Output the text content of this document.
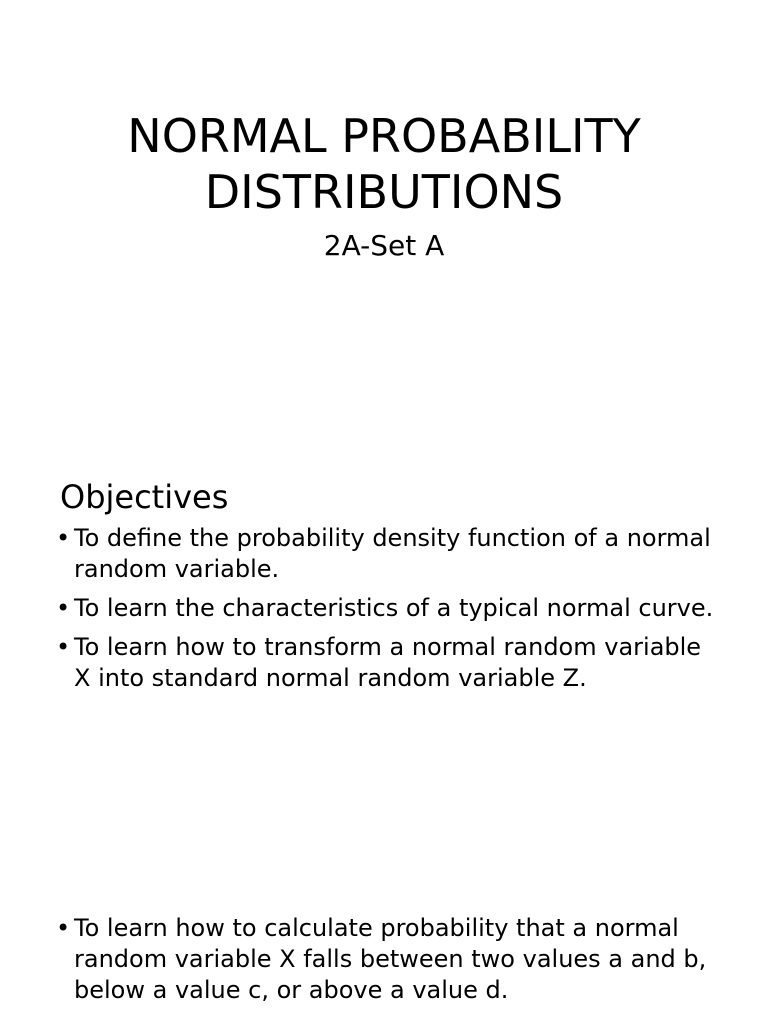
NORMAL PROBABILITY
DISTRIBUTIONS

2A-Set A

Objectives
• To define the probability density function of a normal random variable.
• To learn the characteristics of a typical normal curve.
• To learn how to transform a normal random variable X into standard normal random variable Z.
• To learn how to calculate probability that a normal random variable X falls between two values a and b, below a value c, or above a value d.
